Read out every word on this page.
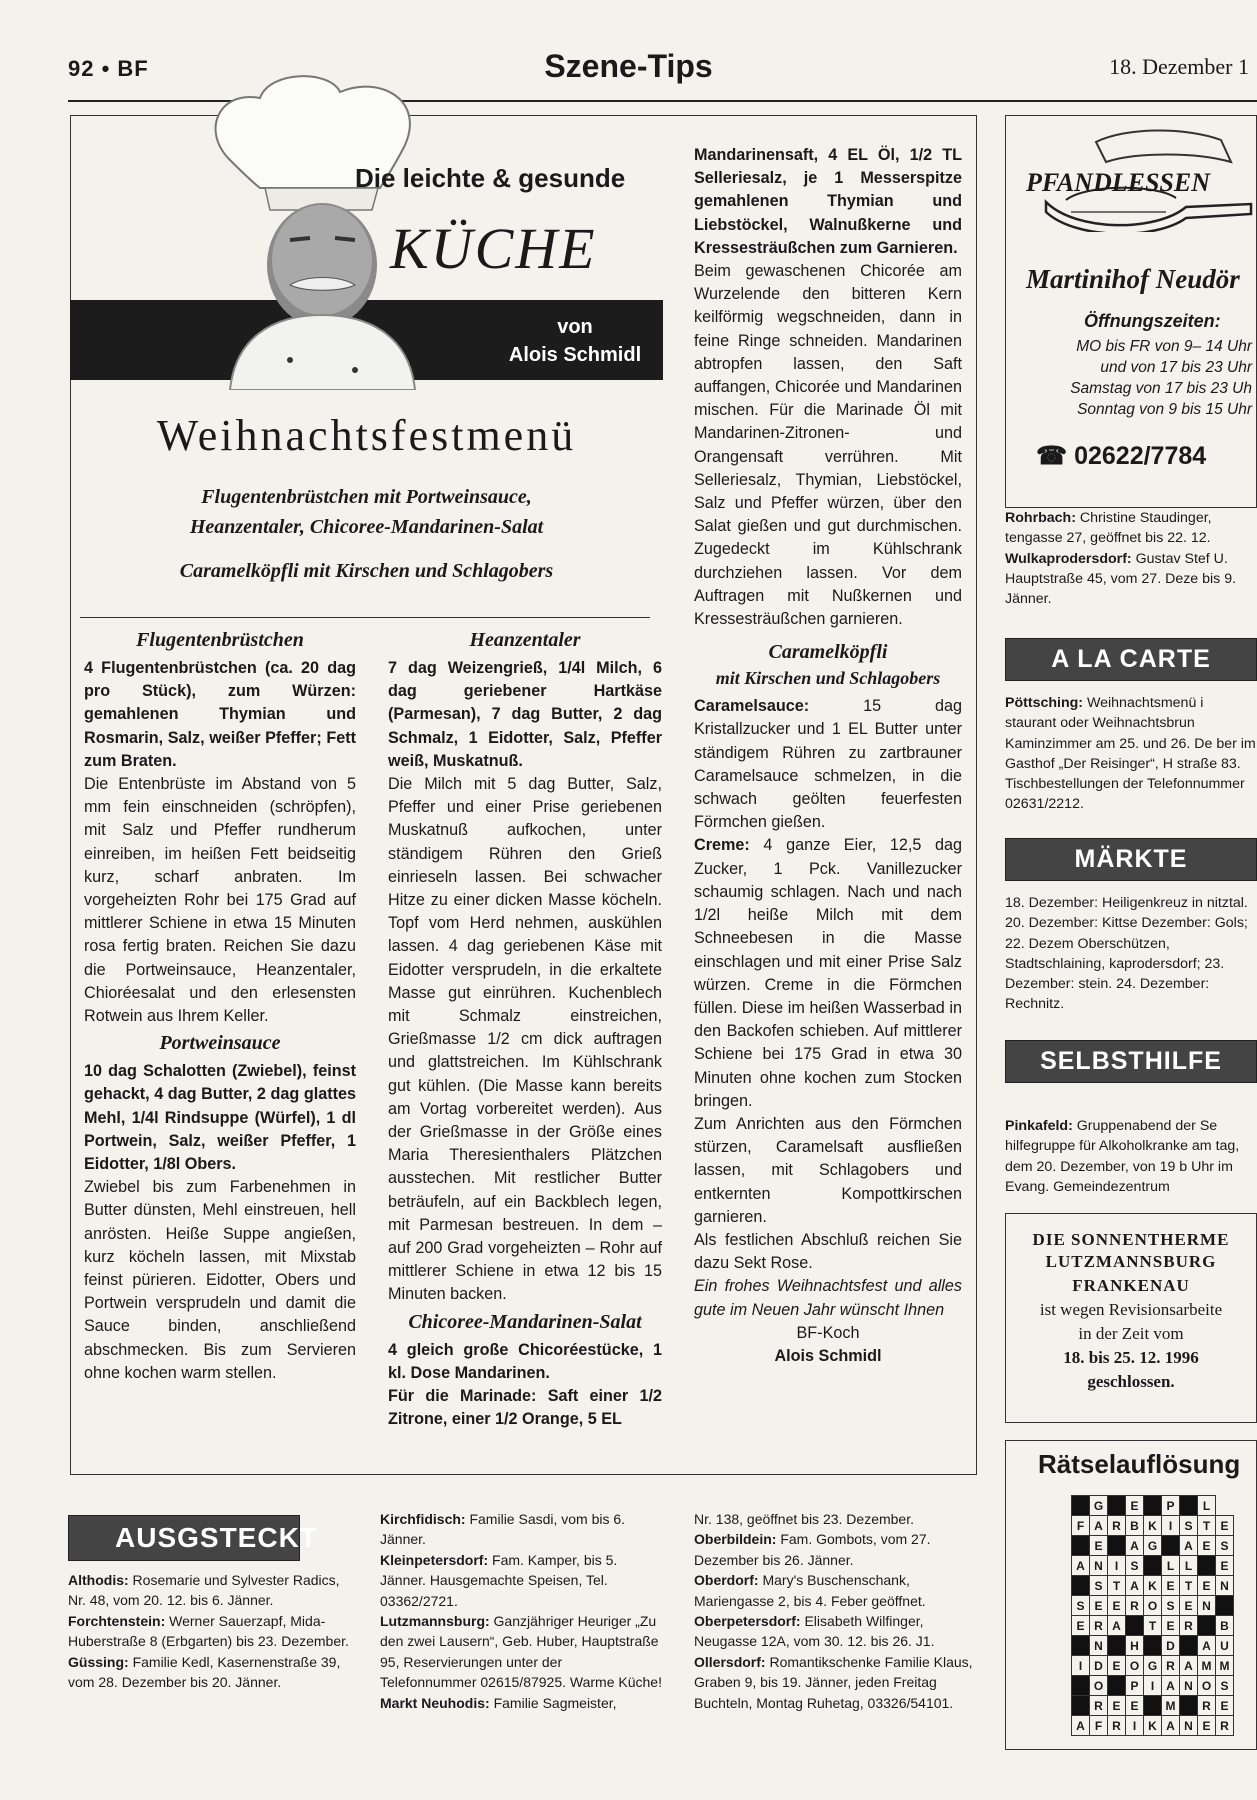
92 • BF	Szene-Tips	18. Dezember 1
Die leichte & gesunde
KÜCHE
von
Alois Schmidl
Weihnachtsfestmenü
Flugentenbrüstchen mit Portweinsauce,
Heanzentaler, Chicoree-Mandarinen-Salat
Caramelköpfli mit Kirschen und Schlagobers

Flugentenbrüstchen

4 Flugentenbrüstchen (ca. 20 dag pro Stück), zum Würzen: gemahlenen Thymian und Rosmarin, Salz, weißer Pfeffer; Fett zum Braten.

Die Entenbrüste im Abstand von 5 mm fein einschneiden (schröpfen), mit Salz und Pfeffer rundherum einreiben, im heißen Fett beidseitig kurz, scharf anbraten. Im vorgeheizten Rohr bei 175 Grad auf mittlerer Schiene in etwa 15 Minuten rosa fertig braten. Reichen Sie dazu die Portweinsauce, Heanzentaler, Chioréesalat und den erlesensten Rotwein aus Ihrem Keller.

Portweinsauce

10 dag Schalotten (Zwiebel), feinst gehackt, 4 dag Butter, 2 dag glattes Mehl, 1/4l Rindsuppe (Würfel), 1 dl Portwein, Salz, weißer Pfeffer, 1 Eidotter, 1/8l Obers.

Zwiebel bis zum Farbenehmen in Butter dünsten, Mehl einstreuen, hell anrösten. Heiße Suppe angießen, kurz köcheln lassen, mit Mixstab feinst pürieren. Eidotter, Obers und Portwein versprudeln und damit die Sauce binden, anschließend abschmecken. Bis zum Servieren ohne kochen warm stellen.

Heanzentaler

7 dag Weizengrieß, 1/4l Milch, 6 dag geriebener Hartkäse (Parmesan), 7 dag Butter, 2 dag Schmalz, 1 Eidotter, Salz, Pfeffer weiß, Muskatnuß.

Die Milch mit 5 dag Butter, Salz, Pfeffer und einer Prise geriebenen Muskatnuß aufkochen, unter ständigem Rühren den Grieß einrieseln lassen. Bei schwacher Hitze zu einer dicken Masse köcheln. Topf vom Herd nehmen, auskühlen lassen. 4 dag geriebenen Käse mit Eidotter versprudeln, in die erkaltete Masse gut einrühren. Kuchenblech mit Schmalz einstreichen, Grießmasse 1/2 cm dick auftragen und glattstreichen. Im Kühlschrank gut kühlen. (Die Masse kann bereits am Vortag vorbereitet werden). Aus der Grießmasse in der Größe eines Maria Theresienthalers Plätzchen ausstechen. Mit restlicher Butter beträufeln, auf ein Backblech legen, mit Parmesan bestreuen. In dem – auf 200 Grad vorgeheizten – Rohr auf mittlerer Schiene in etwa 12 bis 15 Minuten backen.

Chicoree-Mandarinen-Salat

4 gleich große Chicoréestücke, 1 kl. Dose Mandarinen.

Für die Marinade: Saft einer 1/2 Zitrone, einer 1/2 Orange, 5 EL

Mandarinensaft, 4 EL Öl, 1/2 TL Selleriesalz, je 1 Messerspitze gemahlenen Thymian und Liebstöckel, Walnußkerne und Kressesträußchen zum Garnieren.

Beim gewaschenen Chicorée am Wurzelende den bitteren Kern keilförmig wegschneiden, dann in feine Ringe schneiden. Mandarinen abtropfen lassen, den Saft auffangen, Chicorée und Mandarinen mischen. Für die Marinade Öl mit Mandarinen-Zitronen- und Orangensaft verrühren. Mit Selleriesalz, Thymian, Liebstöckel, Salz und Pfeffer würzen, über den Salat gießen und gut durchmischen. Zugedeckt im Kühlschrank durchziehen lassen. Vor dem Auftragen mit Nußkernen und Kressesträußchen garnieren.

Caramelköpfli

mit Kirschen und Schlagobers

Caramelsauce:	15 dag Kristallzucker und 1 EL Butter unter ständigem Rühren zu zartbrauner Caramelsauce schmelzen, in die schwach geölten feuerfesten Förmchen gießen.

Creme: 4 ganze Eier, 12,5 dag Zucker, 1 Pck. Vanillezucker schaumig schlagen. Nach und nach 1/2l heiße Milch mit dem Schneebesen in die Masse einschlagen und mit einer Prise Salz würzen. Creme in die Förmchen füllen. Diese im heißen Wasserbad in den Backofen schieben. Auf mittlerer Schiene bei 175 Grad in etwa 30 Minuten ohne kochen zum Stocken bringen.

Zum Anrichten aus den Förmchen stürzen, Caramelsaft ausfließen lassen, mit Schlagobers und entkernten Kompottkirschen garnieren.

Als festlichen Abschluß reichen Sie dazu Sekt Rose.

Ein frohes Weihnachtsfest und alles gute im Neuen Jahr wünscht Ihnen

BF-Koch

Alois Schmidl

PFANDLESSEN
Martinihof Neudör
Öffnungszeiten:
MO bis FR von 9– 14 Uhr
und von 17 bis 23 Uhr
Samstag von 17 bis 23 Uh
Sonntag von 9 bis 15 Uhr
☎ 02622/7784

Rohrbach: Christine Staudinger, tengasse 27, geöffnet bis 22. 12.

Wulkaprodersdorf: Gustav Stef U. Hauptstraße 45, vom 27. Deze bis 9. Jänner.

A LA CARTE

Pöttsching: Weihnachtsmenü i staurant oder Weihnachtsbrun Kaminzimmer am 25. und 26. De ber im Gasthof „Der Reisinger“, H straße 83. Tischbestellungen der Telefonnummer 02631/2212.

MÄRKTE

18. Dezember: Heiligenkreuz in nitztal. 20. Dezember: Kittse Dezember: Gols; 22. Dezem Oberschützen, Stadtschlaining, kaprodersdorf; 23. Dezember: stein. 24. Dezember: Rechnitz.

SELBSTHILFE

Pinkafeld: Gruppenabend der Se hilfegruppe für Alkoholkranke am tag, dem 20. Dezember, von 19 b Uhr im Evang. Gemeindezentrum

DIE SONNENTHERME
LUTZMANNSBURG
FRANKENAU
ist wegen Revisionsarbeite
in der Zeit vom
18. bis 25. 12. 1996
geschlossen.
Rätselauflösung
	G		E		P		L	
F	A	R	B	K	I	S	T	E
	E		A	G		A	E	S
A	N	I	S		L	L		E
	S	T	A	K	E	T	E	N
S	E	E	R	O	S	E	N	
E	R	A		T	E	R		B
	N		H		D		A	U
I	D	E	O	G	R	A	M	M
	O		P	I	A	N	O	S
	R	E	E		M		R	E
A	F	R	I	K	A	N	E	R
AUSGSTECKT

Althodis: Rosemarie und Sylvester Radics, Nr. 48, vom 20. 12. bis 6. Jänner.

Forchtenstein: Werner Sauerzapf, Mida-Huberstraße 8 (Erbgarten) bis 23. Dezember.

Güssing: Familie Kedl, Kasernenstraße 39, vom 28. Dezember bis 20. Jänner.

Kirchfidisch: Familie Sasdi, vom bis 6. Jänner.

Kleinpetersdorf: Fam. Kamper, bis 5. Jänner. Hausgemachte Speisen, Tel. 03362/2721.

Lutzmannsburg: Ganzjähriger Heuriger „Zu den zwei Lausern“, Geb. Huber, Hauptstraße 95, Reservierungen unter der Telefonnummer 02615/87925. Warme Küche!

Markt Neuhodis: Familie Sagmeister,

Nr. 138, geöffnet bis 23. Dezember.

Oberbildein: Fam. Gombots, vom 27. Dezember bis 26. Jänner.

Oberdorf: Mary's Buschenschank, Mariengasse 2, bis 4. Feber geöffnet.

Oberpetersdorf: Elisabeth Wilfinger, Neugasse 12A, vom 30. 12. bis 26. J1.

Ollersdorf: Romantikschenke Familie Klaus, Graben 9, bis 19. Jänner, jeden Freitag Buchteln, Montag Ruhetag, 03326/54101.
